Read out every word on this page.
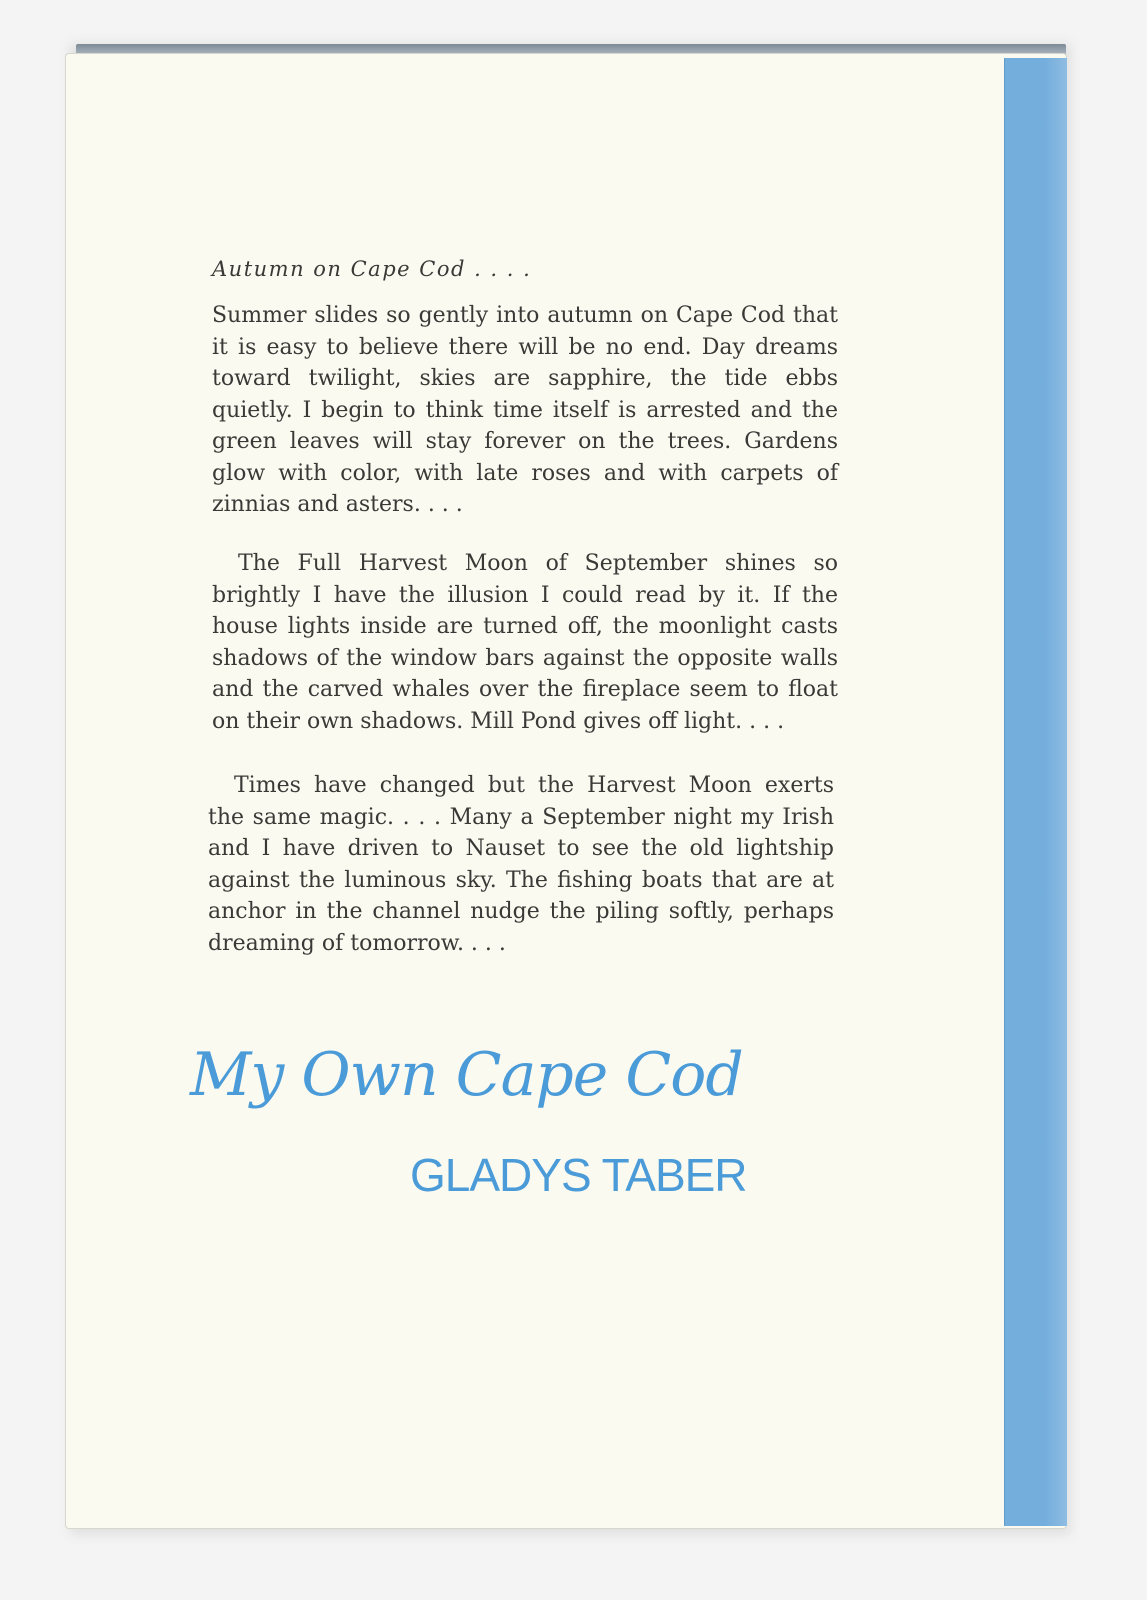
Autumn on Cape Cod . . . .
Summer slides so gently into autumn on Cape Cod that it is easy to believe there will be no end. Day dreams toward twilight, skies are sapphire, the tide ebbs quietly. I begin to think time itself is arrested and the green leaves will stay forever on the trees. Gardens glow with color, with late roses and with carpets of zinnias and asters. . . .
The Full Harvest Moon of September shines so brightly I have the illusion I could read by it. If the house lights inside are turned off, the moonlight casts shadows of the window bars against the opposite walls and the carved whales over the fireplace seem to float on their own shadows. Mill Pond gives off light. . . .
Times have changed but the Harvest Moon exerts the same magic. . . . Many a September night my Irish and I have driven to Nauset to see the old lightship against the luminous sky. The fishing boats that are at anchor in the channel nudge the piling softly, perhaps dreaming of tomorrow. . . .
My Own Cape Cod
GLADYS TABER
